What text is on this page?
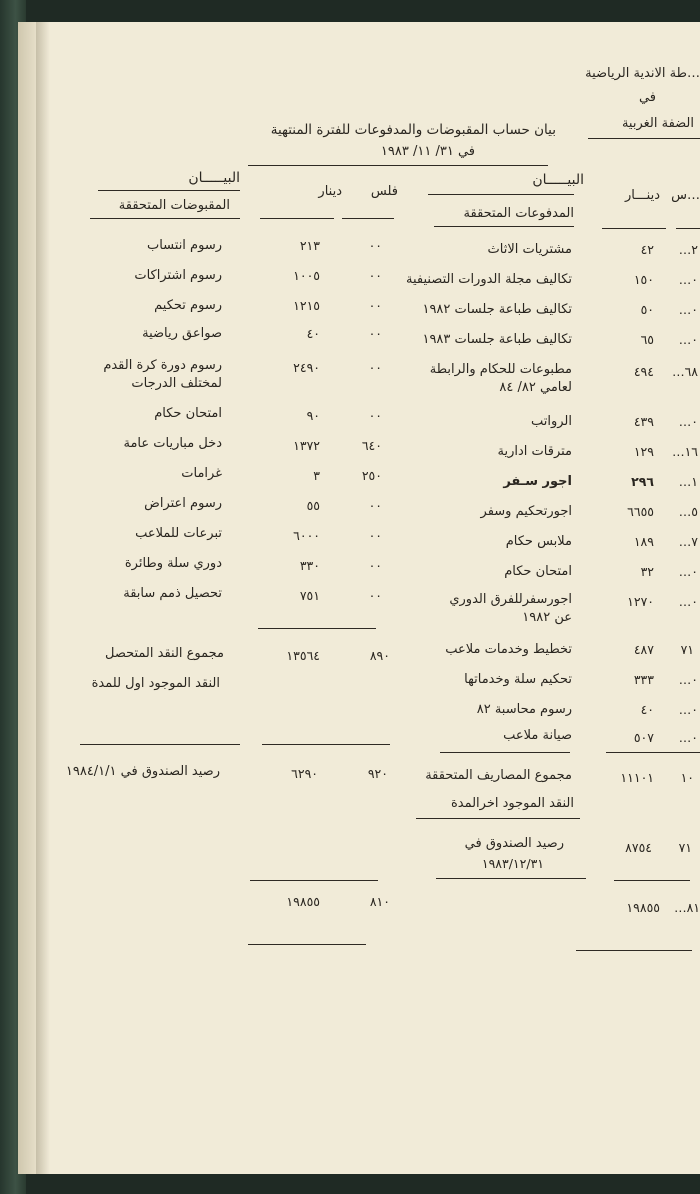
…طة الاندية الرياضية
في
الضفة الغربية
بيان حساب المقبوضات والمدفوعات للفترة المنتهية
في ٣١/ ١١/ ١٩٨٣
البيـــــان
المقبوضات المتحققة
دينار فلس
البيـــــان
المدفوعات المتحققة
دينـــار …س
رسوم انتساب	٢١٣	٠٠
رسوم اشتراكات	١٠٠٥	٠٠
رسوم تحكيم	١٢١٥	٠٠
صواعق رياضية	٤٠	٠٠
رسوم دورة كرة القدم
لمختلف الدرجات
٢٤٩٠	٠٠
امتحان حكام	٩٠	٠٠
دخل مباريات عامة	١٣٧٢	٦٤٠
غرامات	٣	٢٥٠
رسوم اعتراض	٥٥	٠٠
تبرعات للملاعب	٦٠٠٠	٠٠
دوري سلة وطائرة	٣٣٠	٠٠
تحصيل ذمم سابقة	٧٥١	٠٠
مجموع النقد المتحصل	١٣٥٦٤	٨٩٠
النقد الموجود اول للمدة
رصيد الصندوق في ١٩٨٤/١/١	٦٢٩٠	٩٢٠
١٩٨٥٥	٨١٠
مشتريات الاثاث	٤٢ ٢…
تكاليف مجلة الدورات التصنيفية	١٥٠ ٠…
تكاليف طباعة جلسات ١٩٨٢	٥٠ ٠…
تكاليف طباعة جلسات ١٩٨٣	٦٥ ٠…
مطبوعات للحكام والرابطة
لعامي ٨٢/ ٨٤
٤٩٤ ٦٨…
الرواتب	٤٣٩ ٠…
مترقات ادارية	١٢٩ ١٦…
اجور سـفر	٢٩٦ ١…
اجورتحكيم وسفر	٦٦٥٥ ٥…
ملابس حكام	١٨٩ ٧…
امتحان حكام	٣٢ ٠…
اجورسفرللفرق الدوري
عن ١٩٨٢
١٢٧٠ ٠…
تخطيط وخدمات ملاعب	٤٨٧ ٧١
تحكيم سلة وخدماتها	٣٣٣ ٠…
رسوم محاسبة ٨٢	٤٠ ٠…
صيانة ملاعب	٥٠٧ ٠…
مجموع المصاريف المتحققة	١١١٠١ ١٠
النقد الموجود اخرالمدة
رصيد الصندوق في
١٩٨٣/١٢/٣١
٨٧٥٤ ٧١
١٩٨٥٥ ٨١…
